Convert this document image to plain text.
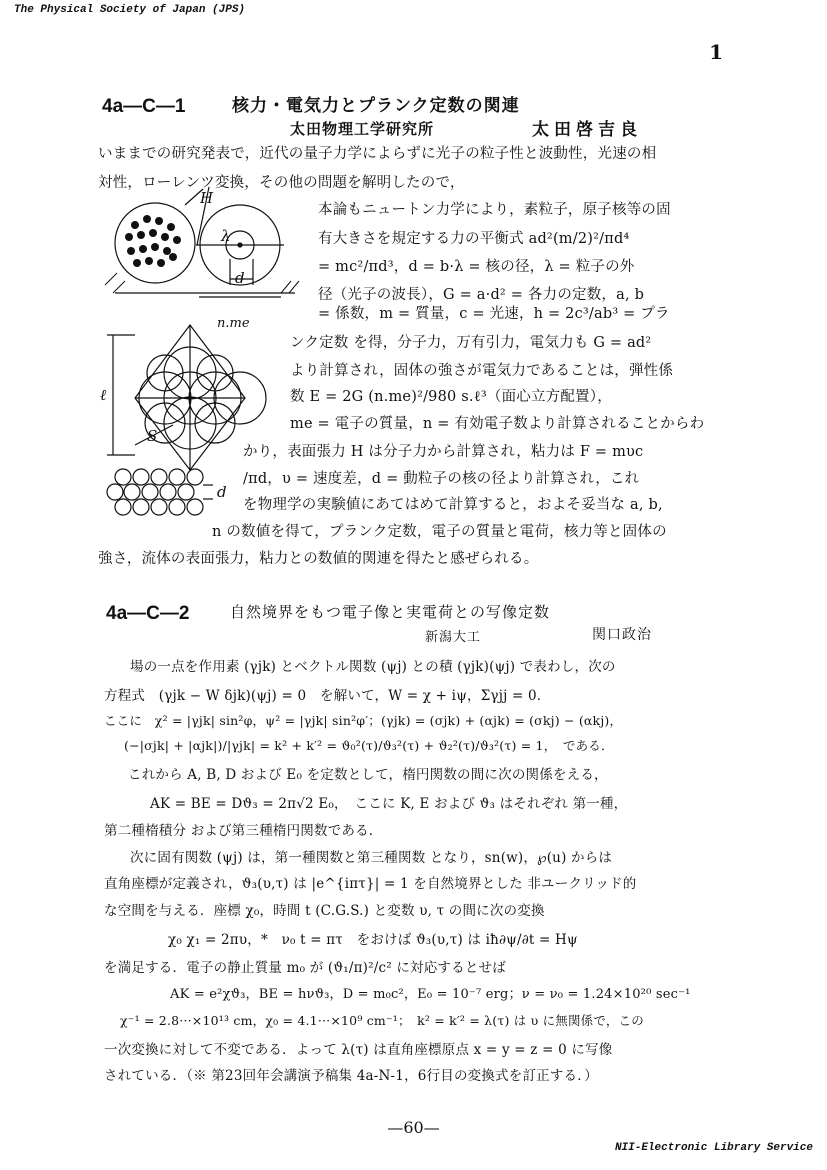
The Physical Society of Japan (JPS)
1
4a—C—1	核力・電気力とプランク定数の関連
太田物理工学研究所	太田啓吉良
いままでの研究発表で，近代の量子力学によらずに光子の粒子性と波動性，光速の相
対性，ローレンツ変換，その他の問題を解明したので，
本論もニュートン力学により，素粒子，原子核等の固
有大きさを規定する力の平衡式 ad²(m/2)²/πd⁴
= mc²/πd³，d = b·λ = 核の径，λ = 粒子の外
径（光子の波長），G = a·d² = 各力の定数，a, b
= 係数，m = 質量，c = 光速，h = 2c³/ab³ = プラ
ンク定数 を得，分子力，万有引力，電気力も G = ad²
より計算され，固体の強さが電気力であることは，弾性係
数 E = 2G (n.me)²/980 s.ℓ³（面心立方配置），
me = 電子の質量，n = 有効電子数より計算されることからわ
かり，表面張力 H は分子力から計算され，粘力は F = mυc
/πd，υ = 速度差，d = 動粒子の核の径より計算され，これ
を物理学の実験値にあてはめて計算すると，およそ妥当な a, b,
n の数値を得て，プランク定数，電子の質量と電荷，核力等と固体の
強さ，流体の表面張力，粘力との数値的関連を得たと感ぜられる。
H
λ
d
n.me
ℓ
S
d
4a—C—2	自然境界をもつ電子像と実電荷との写像定数
新潟大工	関口政治
場の一点を作用素 (γjk) とベクトル関数 (ψj) との積 (γjk)(ψj) で表わし，次の
方程式　(γjk − W δjk)(ψj) = 0　を解いて，W = χ + iψ，Σγjj = 0．
ここに　χ² = |γjk| sin²φ，ψ² = |γjk| sin²φ′；(γjk) = (σjk) + (αjk) = (σkj) − (αkj)，
(−|σjk| + |αjk|)/|γjk| = k² + k′² = ϑ₀²(τ)/ϑ₃²(τ) + ϑ₂²(τ)/ϑ₃²(τ) = 1，　である．
これから A, B, D および E₀ を定数として，楕円関数の間に次の関係をえる，
AK = BE = Dϑ₃ = 2π√2 E₀，　ここに K, E および ϑ₃ はそれぞれ 第一種，
第二種楕積分 および第三種楕円関数である．
次に固有関数 (ψj) は，第一種関数と第三種関数 となり，sn(w)，℘(u) からは
直角座標が定義され，ϑ₃(υ,τ) は |e^{iπτ}| = 1 を自然境界とした 非ユークリッド的
な空間を与える．座標 χ₀，時間 t (C.G.S.) と変数 υ, τ の間に次の変換
χ₀ χ₁ = 2πυ，*　ν₀ t = πτ　をおけば ϑ₃(υ,τ) は iħ∂ψ/∂t = Hψ
を満足する．電子の静止質量 m₀ が (ϑ₁/π)²/c² に対応するとせば
AK = e²χϑ₃，BE = hνϑ₃，D = m₀c²，E₀ = 10⁻⁷ erg；ν = ν₀ = 1.24×10²⁰ sec⁻¹
χ⁻¹ = 2.8···×10¹³ cm，χ₀ = 4.1···×10⁹ cm⁻¹；　k² = k′² = λ(τ) は υ に無関係で，この
一次変換に対して不変である．よって λ(τ) は直角座標原点 x = y = z = 0 に写像
されている．（※ 第23回年会講演予稿集 4a-N-1，6行目の変換式を訂正する．）
—60—
NII-Electronic Library Service
